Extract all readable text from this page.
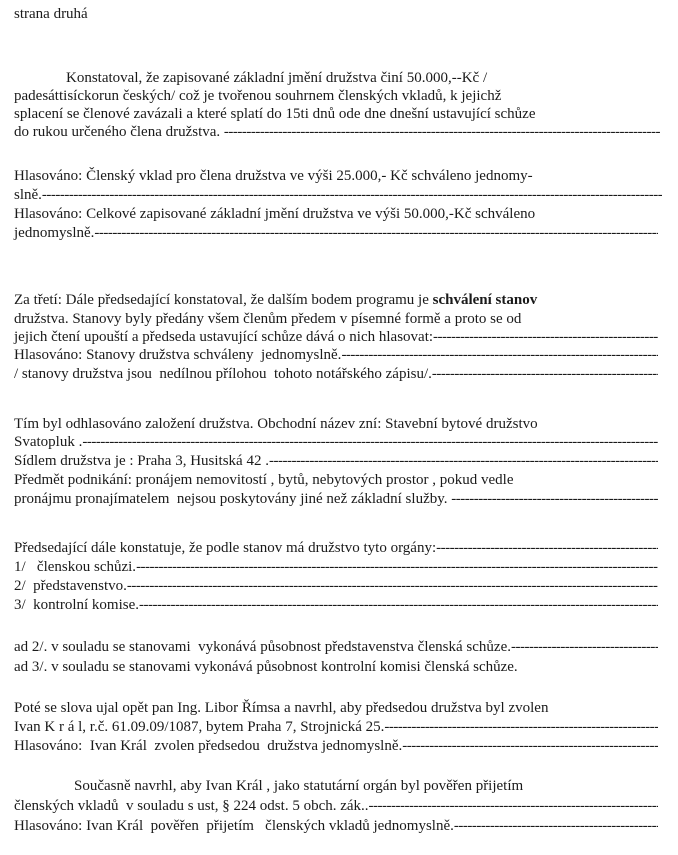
strana druhá
Konstatoval, že zapisované základní jmění družstva činí 50.000,--Kč /
padesáttisíckorun českých/ což je tvořenou souhrnem členských vkladů, k jejichž
splacení se členové zavázali a které splatí do 15ti dnů ode dne dnešní ustavující schůze
do rukou určeného člena družstva.
-----
Hlasováno: Členský vklad pro člena družstva ve výši 25.000,- Kč schváleno jednomy-
slně.
-----
Hlasováno: Celkové zapisované základní jmění družstva ve výši 50.000,-Kč schváleno
jednomyslně.
-----
Za třetí: Dále předsedající konstatoval, že dalším bodem programu je schválení stanov
družstva. Stanovy byly předány všem členům předem v písemné formě a proto se od
jejich čtení upouští a předseda ustavující schůze dává o nich hlasovat:
-----
Hlasováno: Stanovy družstva schváleny  jednomyslně.
-----
/ stanovy družstva jsou  nedílnou přílohou  tohoto notářského zápisu/.
-----
Tím byl odhlasováno založení družstva. Obchodní název zní: Stavební bytové družstvo
Svatopluk .
-----
Sídlem družstva je : Praha 3, Husitská 42 .
-----
Předmět podnikání: pronájem nemovitostí , bytů, nebytových prostor , pokud vedle
pronájmu pronajímatelem  nejsou poskytovány jiné než základní služby.
-----
Předsedající dále konstatuje, že podle stanov má družstvo tyto orgány:
-----
1/   členskou schůzi.
-----
2/  představenstvo.
-----
3/  kontrolní komise.
-----
ad 2/. v souladu se stanovami  vykonává působnost představenstva členská schůze.
-----
ad 3/. v souladu se stanovami vykonává působnost kontrolní komisi členská schůze.
Poté se slova ujal opět pan Ing. Libor Římsa a navrhl, aby předsedou družstva byl zvolen
Ivan K r á l, r.č. 61.09.09/1087, bytem Praha 7, Strojnická 25.
-----
Hlasováno:  Ivan Král  zvolen předsedou  družstva jednomyslně.
-----
Současně navrhl, aby Ivan Král , jako statutární orgán byl pověřen přijetím
členských vkladů  v souladu s ust, § 224 odst. 5 obch. zák..
-----
Hlasováno: Ivan Král  pověřen  přijetím   členských vkladů jednomyslně.
-----
